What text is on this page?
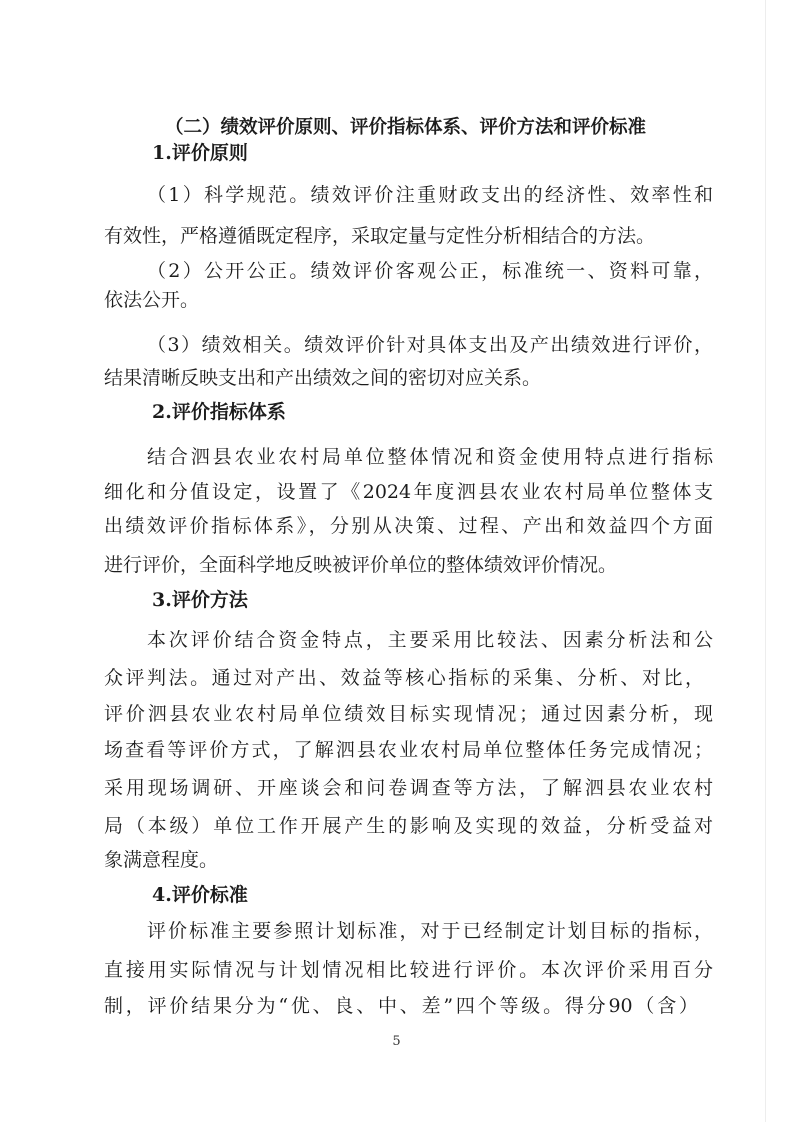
（二）绩效评价原则、评价指标体系、评价方法和评价标准
1.评价原则
（1）科学规范。绩效评价注重财政支出的经济性、效率性和
有效性，严格遵循既定程序，采取定量与定性分析相结合的方法。
（2）公开公正。绩效评价客观公正，标准统一、资料可靠，
依法公开。
（3）绩效相关。绩效评价针对具体支出及产出绩效进行评价，
结果清晰反映支出和产出绩效之间的密切对应关系。
2.评价指标体系
结合泗县农业农村局单位整体情况和资金使用特点进行指标
细化和分值设定，设置了《2024年度泗县农业农村局单位整体支
出绩效评价指标体系》，分别从决策、过程、产出和效益四个方面
进行评价，全面科学地反映被评价单位的整体绩效评价情况。
3.评价方法
本次评价结合资金特点，主要采用比较法、因素分析法和公
众评判法。通过对产出、效益等核心指标的采集、分析、对比，
评价泗县农业农村局单位绩效目标实现情况；通过因素分析，现
场查看等评价方式，了解泗县农业农村局单位整体任务完成情况；
采用现场调研、开座谈会和问卷调查等方法，了解泗县农业农村
局（本级）单位工作开展产生的影响及实现的效益，分析受益对
象满意程度。
4.评价标准
评价标准主要参照计划标准，对于已经制定计划目标的指标，
直接用实际情况与计划情况相比较进行评价。本次评价采用百分
制，评价结果分为“优、良、中、差”四个等级。得分90（含）
5
